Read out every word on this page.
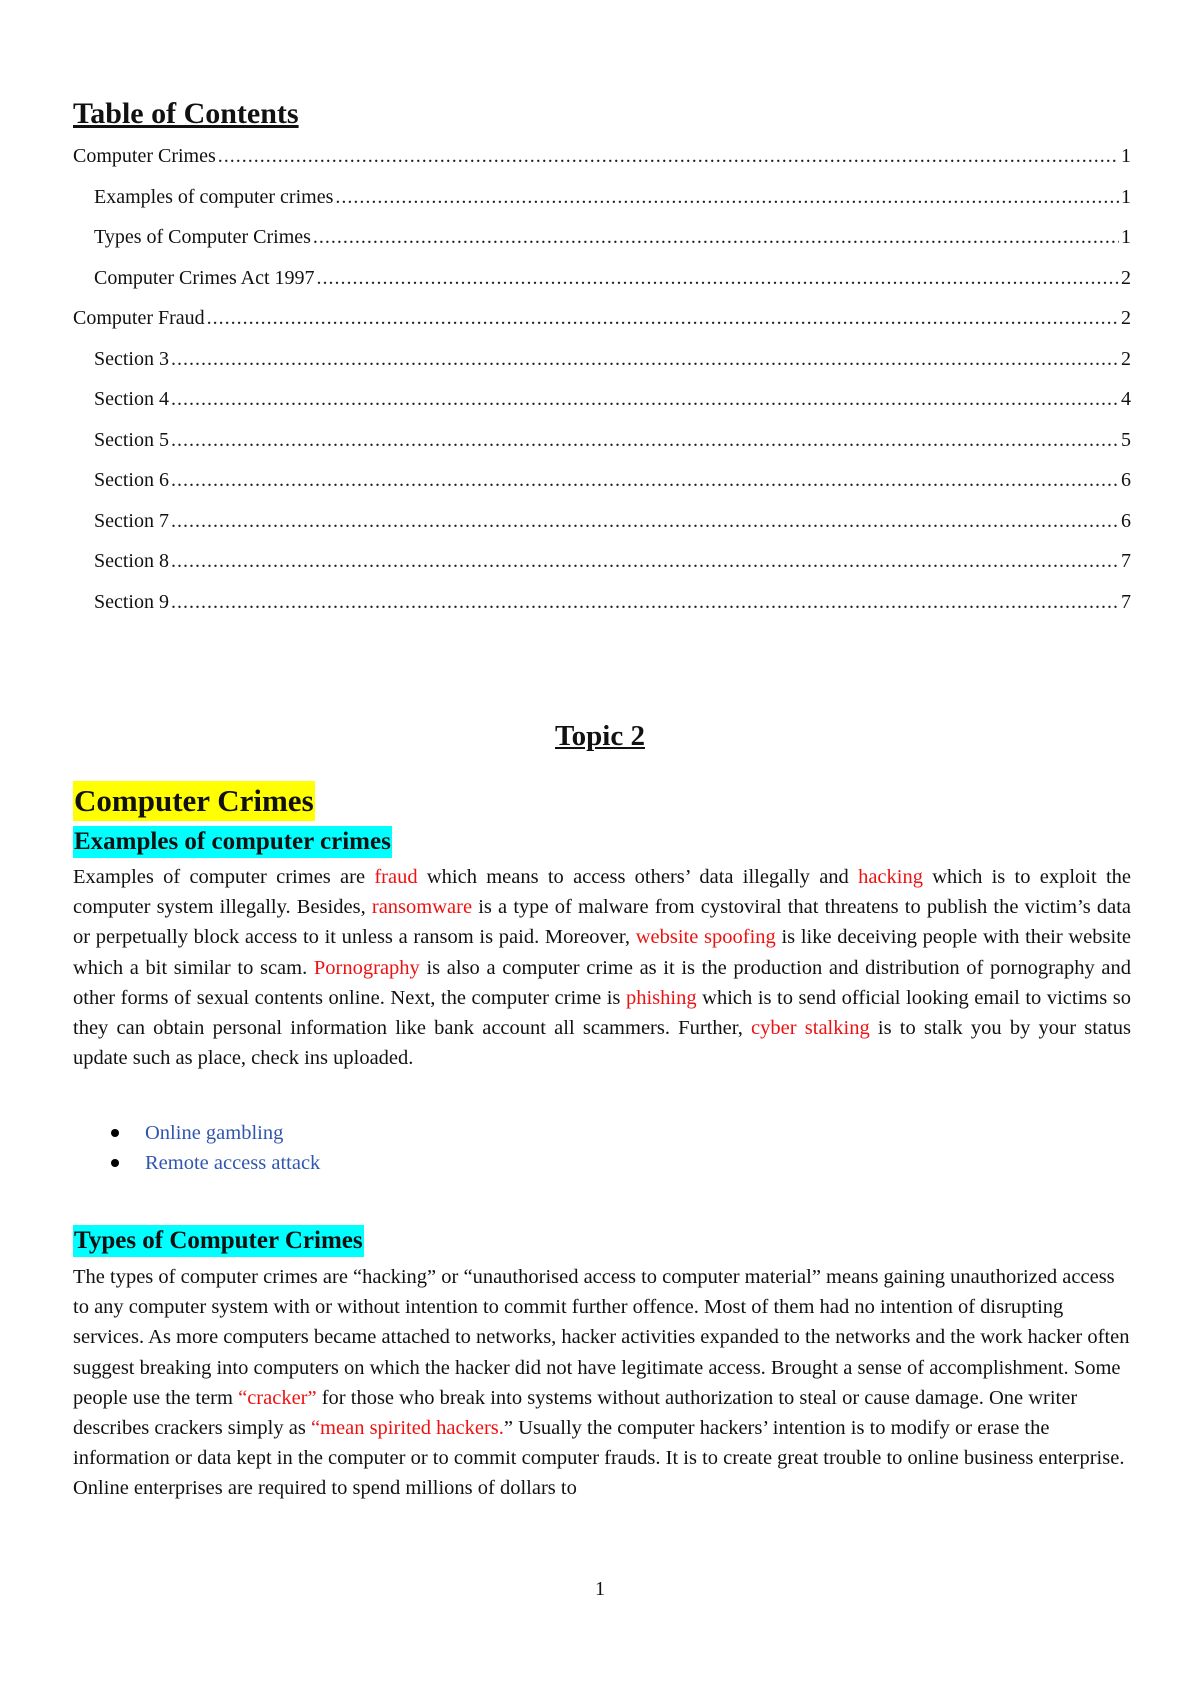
Table of Contents
Computer Crimes .....	1
Examples of computer crimes .....	1
Types of Computer Crimes .....	1
Computer Crimes Act 1997 .....	2
Computer Fraud .....	2
Section 3 .....	2
Section 4 .....	4
Section 5 .....	5
Section 6 .....	6
Section 7 .....	6
Section 8 .....	7
Section 9 .....	7
Topic 2
Computer Crimes
Examples of computer crimes

Examples of computer crimes are fraud which means to access others’ data illegally and hacking which is to exploit the computer system illegally. Besides, ransomware is a type of malware from cystoviral that threatens to publish the victim’s data or perpetually block access to it unless a ransom is paid. Moreover, website spoofing is like deceiving people with their website which a bit similar to scam. Pornography is also a computer crime as it is the production and distribution of pornography and other forms of sexual contents online. Next, the computer crime is phishing which is to send official looking email to victims so they can obtain personal information like bank account all scammers. Further, cyber stalking is to stalk you by your status update such as place, check ins uploaded.

Online gambling
Remote access attack
Types of Computer Crimes

The types of computer crimes are “hacking” or “unauthorised access to computer material” means gaining unauthorized access to any computer system with or without intention to commit further offence. Most of them had no intention of disrupting services. As more computers became attached to networks, hacker activities expanded to the networks and the work hacker often suggest breaking into computers on which the hacker did not have legitimate access. Brought a sense of accomplishment. Some people use the term “cracker” for those who break into systems without authorization to steal or cause damage. One writer describes crackers simply as “mean spirited hackers.” Usually the computer hackers’ intention is to modify or erase the information or data kept in the computer or to commit computer frauds. It is to create great trouble to online business enterprise. Online enterprises are required to spend millions of dollars to

1
